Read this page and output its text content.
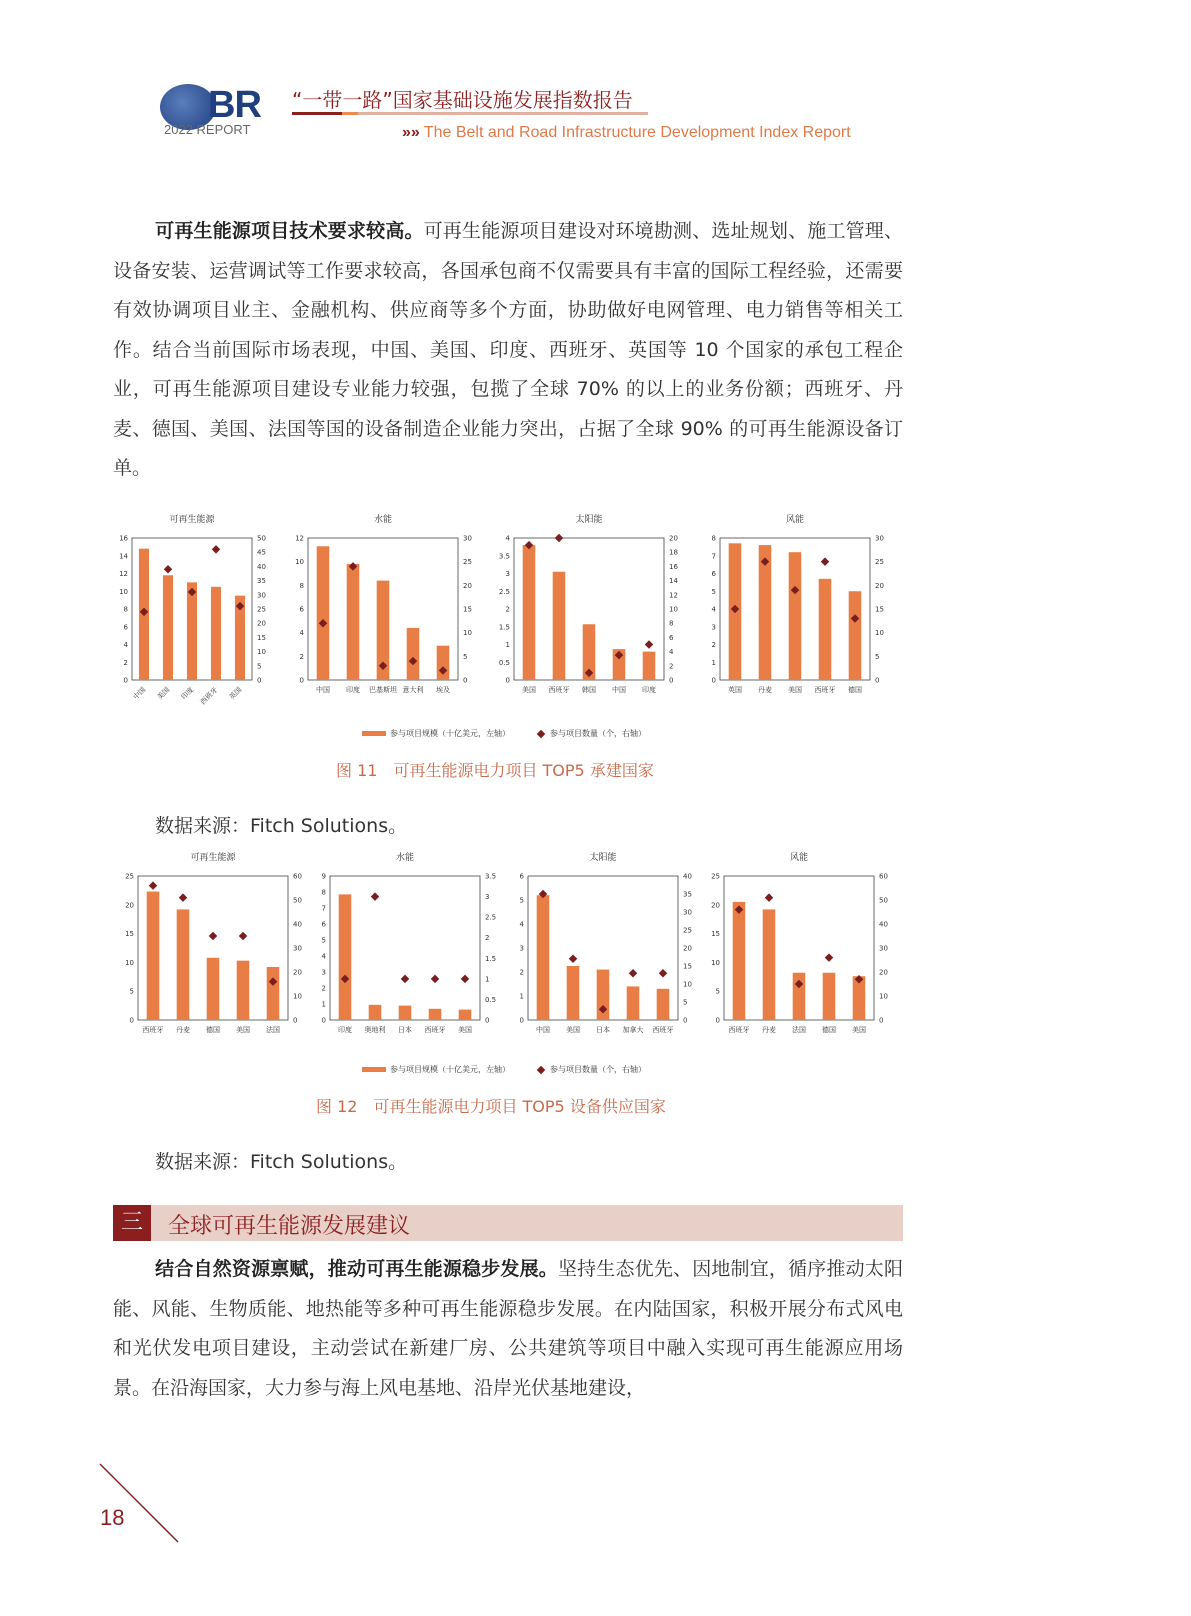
BR
2022 REPORT
“一带一路”国家基础设施发展指数报告
»» The Belt and Road Infrastructure Development Index Report
可再生能源项目技术要求较高。可再生能源项目建设对环境勘测、选址规划、施工管理、设备安装、运营调试等工作要求较高，各国承包商不仅需要具有丰富的国际工程经验，还需要有效协调项目业主、金融机构、供应商等多个方面，协助做好电网管理、电力销售等相关工作。结合当前国际市场表现，中国、美国、印度、西班牙、英国等 10 个国家的承包工程企业，可再生能源项目建设专业能力较强，包揽了全球 70% 的以上的业务份额；西班牙、丹麦、德国、美国、法国等国的设备制造企业能力突出，占据了全球 90% 的可再生能源设备订单。
可再生能源
0
2
4
6
8
10
12
14
16
0
5
10
15
20
25
30
35
40
45
50
中国 美国 印度 西班牙 英国
水能
0
2
4
6
8
10
12
0
5
10
15
20
25
30
中国 印度 巴基斯坦 意大利 埃及
太阳能
0
0.5
1
1.5
2
2.5
3
3.5
4
0
2
4
6
8
10
12
14
16
18
20
美国 西班牙 韩国 中国 印度
风能
0
1
2
3
4
5
6
7
8
0
5
10
15
20
25
30
英国 丹麦 美国 西班牙 德国
参与项目规模（十亿美元，左轴）	参与项目数量（个，右轴）
图 11　可再生能源电力项目 TOP5 承建国家
数据来源：Fitch Solutions。
可再生能源
0
5
10
15
20
25
0
10
20
30
40
50
60
西班牙 丹麦 德国 美国 法国
水能
0
1
2
3
4
5
6
7
8
9
0
0.5
1
1.5
2
2.5
3
3.5
印度 奥地利 日本 西班牙 美国
太阳能
0
1
2
3
4
5
6
0
5
10
15
20
25
30
35
40
中国 美国 日本 加拿大 西班牙
风能
0
5
10
15
20
25
0
10
20
30
40
50
60
西班牙 丹麦 法国 德国 美国
参与项目规模（十亿美元，左轴）	参与项目数量（个，右轴）
图 12　可再生能源电力项目 TOP5 设备供应国家
数据来源：Fitch Solutions。
三	全球可再生能源发展建议
结合自然资源禀赋，推动可再生能源稳步发展。坚持生态优先、因地制宜，循序推动太阳能、风能、生物质能、地热能等多种可再生能源稳步发展。在内陆国家，积极开展分布式风电和光伏发电项目建设，主动尝试在新建厂房、公共建筑等项目中融入实现可再生能源应用场景。在沿海国家，大力参与海上风电基地、沿岸光伏基地建设，
18
